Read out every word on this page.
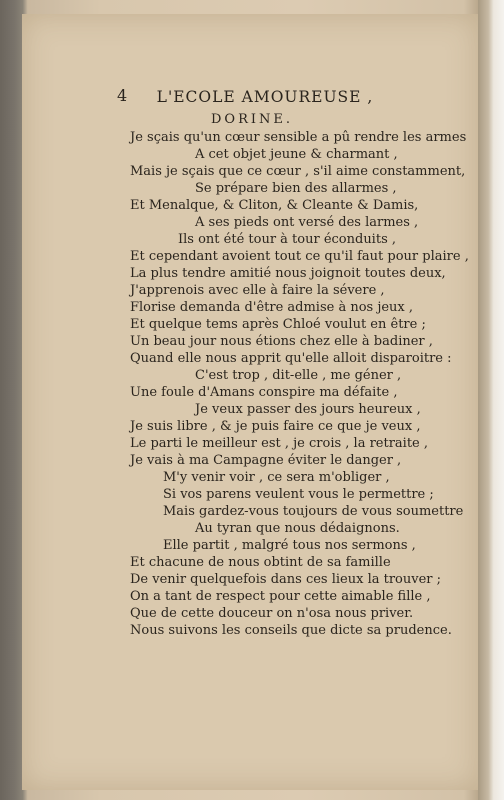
4	L'ECOLE AMOUREUSE ,
DORINE.
Je sçais qu'un cœur sensible a pû rendre les armes
A cet objet jeune & charmant ,
Mais je sçais que ce cœur , s'il aime constamment,
Se prépare bien des allarmes ,
Et Menalque, & Cliton, & Cleante & Damis,
A ses pieds ont versé des larmes ,
Ils ont été tour à tour éconduits ,
Et cependant avoient tout ce qu'il faut pour plaire ,
La plus tendre amitié nous joignoit toutes deux,
J'apprenois avec elle à faire la sévere ,
Florise demanda d'être admise à nos jeux ,
Et quelque tems après Chloé voulut en être ;
Un beau jour nous étions chez elle à badiner ,
Quand elle nous apprit qu'elle alloit disparoitre :
C'est trop , dit-elle , me géner ,
Une foule d'Amans conspire ma défaite ,
Je veux passer des jours heureux ,
Je suis libre , & je puis faire ce que je veux ,
Le parti le meilleur est , je crois , la retraite ,
Je vais à ma Campagne éviter le danger ,
M'y venir voir , ce sera m'obliger ,
Si vos parens veulent vous le permettre ;
Mais gardez-vous toujours de vous soumettre
Au tyran que nous dédaignons.
Elle partit , malgré tous nos sermons ,
Et chacune de nous obtint de sa famille
De venir quelquefois dans ces lieux la trouver ;
On a tant de respect pour cette aimable fille ,
Que de cette douceur on n'osa nous priver.
Nous suivons les conseils que dicte sa prudence.
